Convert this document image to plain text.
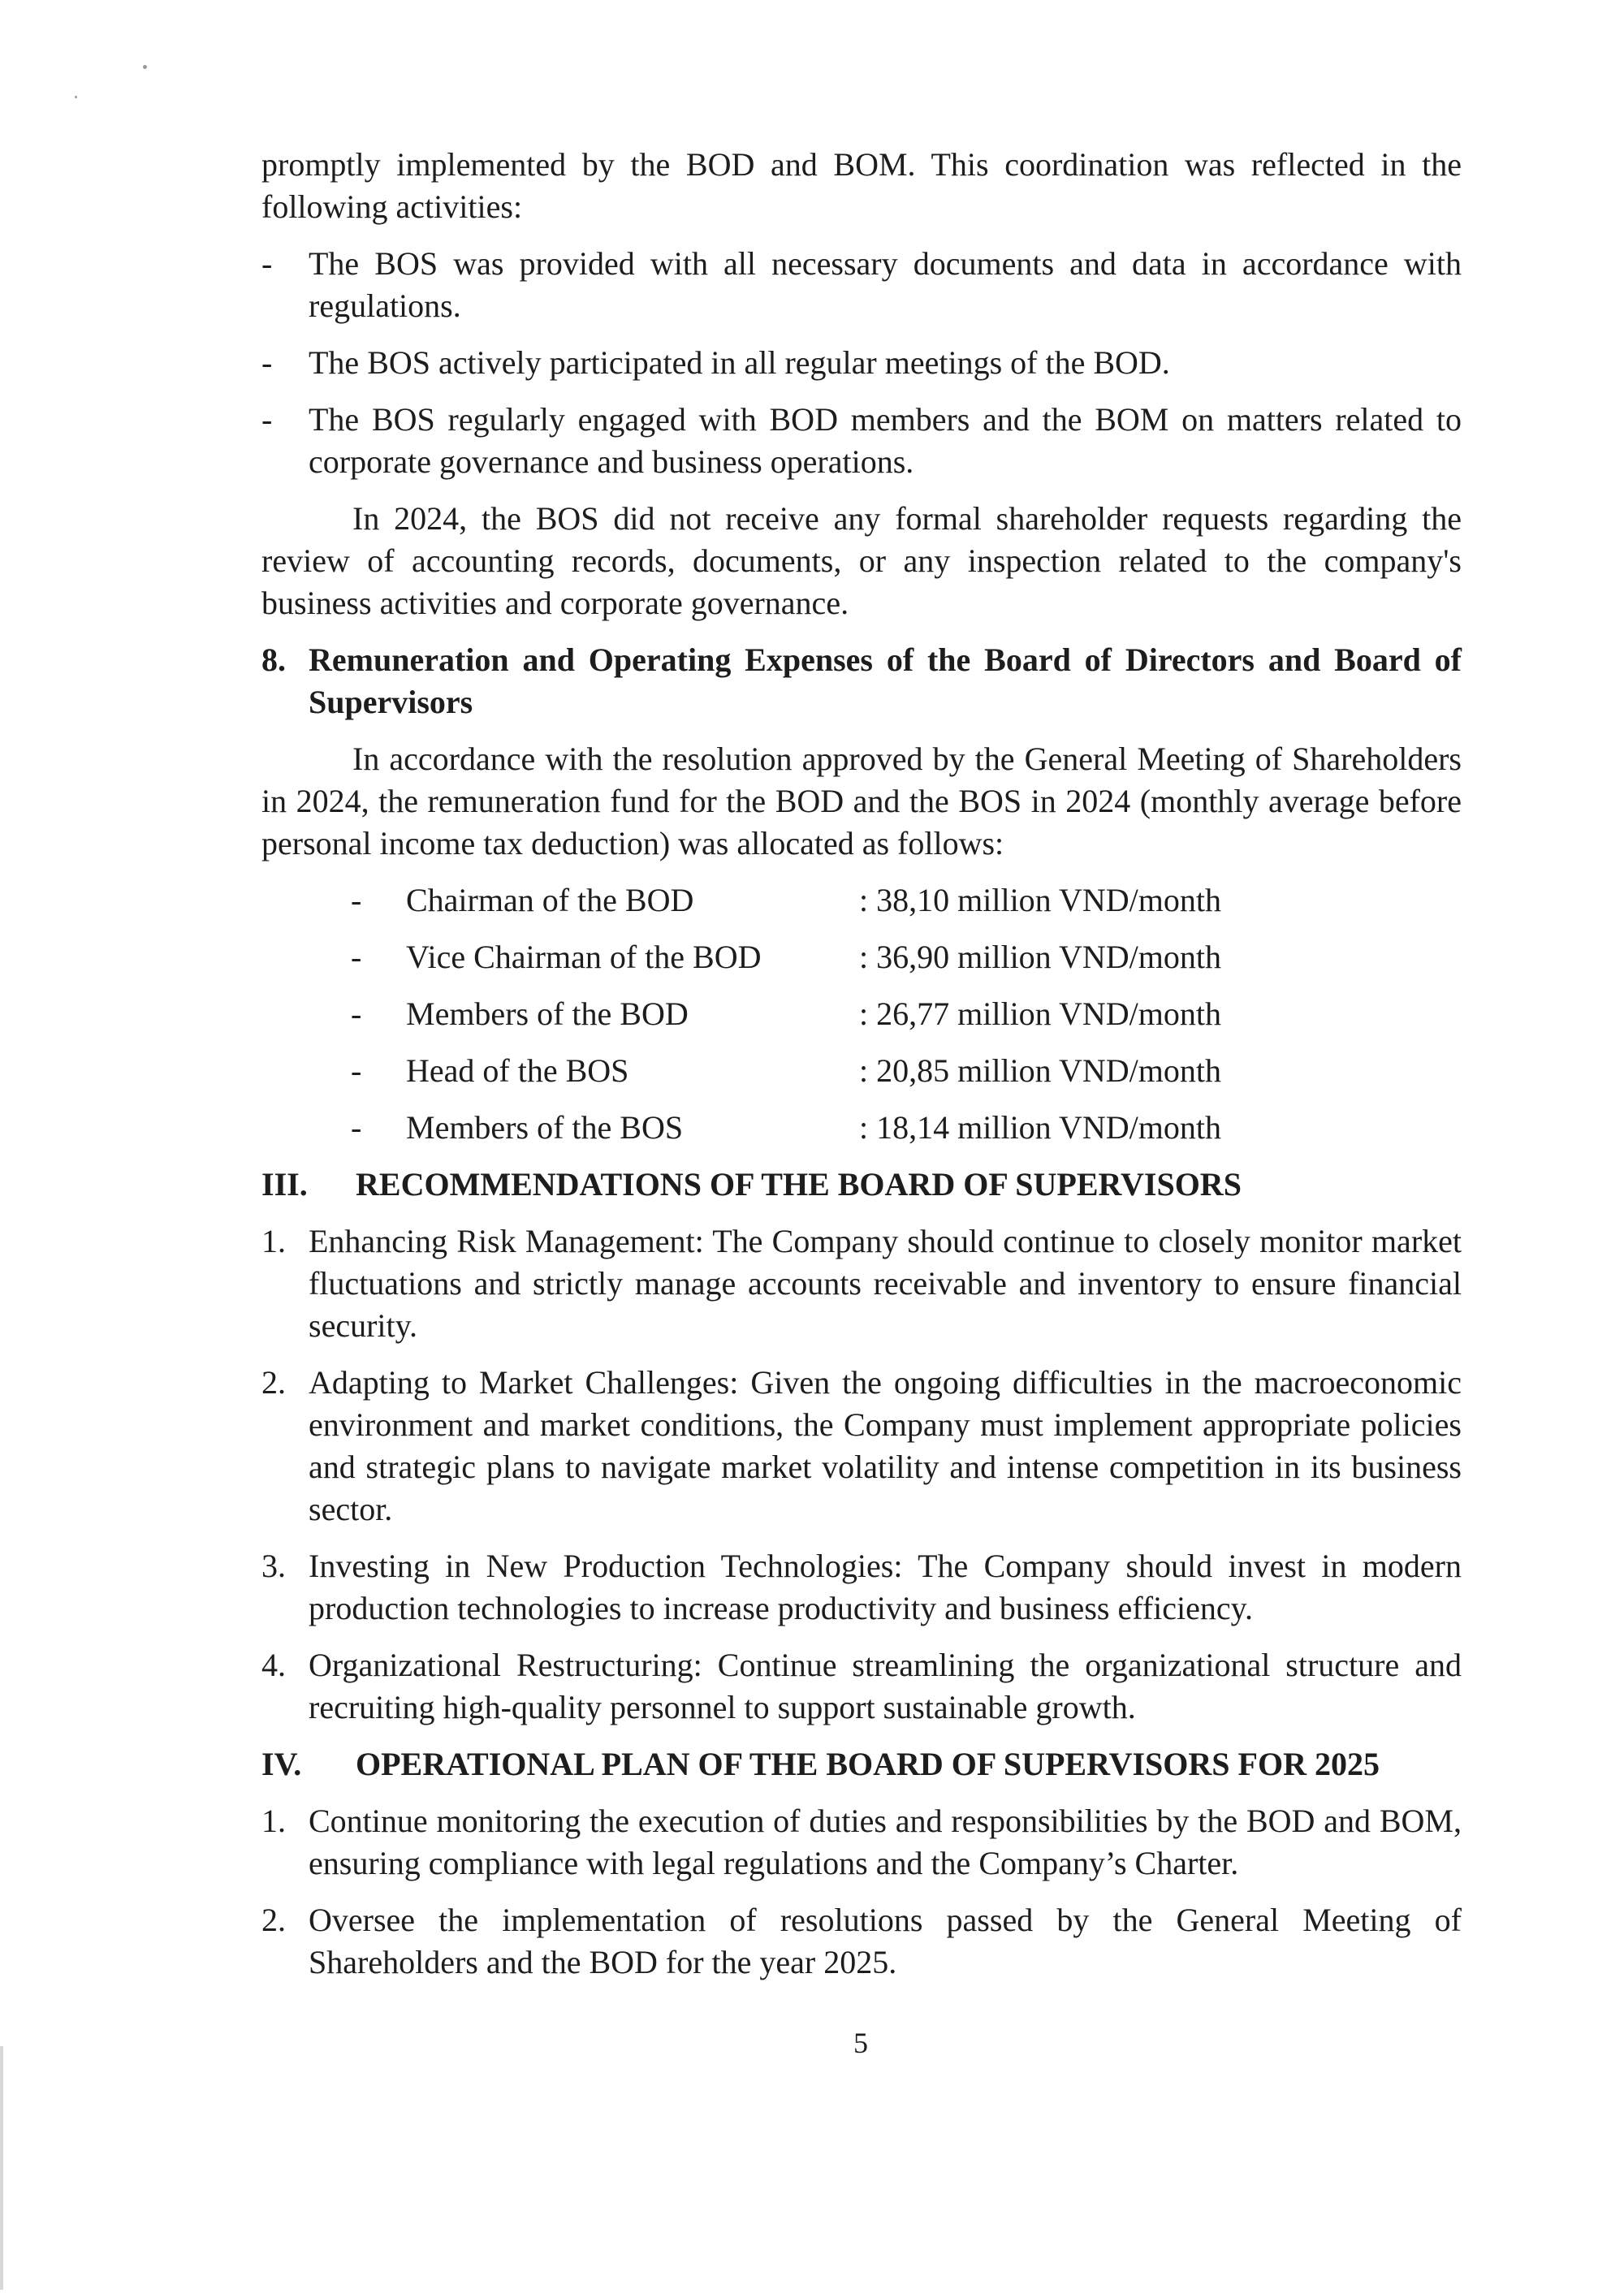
promptly implemented by the BOD and BOM. This coordination was reflected in the following activities:

- The BOS was provided with all necessary documents and data in accordance with regulations.
- The BOS actively participated in all regular meetings of the BOD.
- The BOS regularly engaged with BOD members and the BOM on matters related to corporate governance and business operations.

In 2024, the BOS did not receive any formal shareholder requests regarding the review of accounting records, documents, or any inspection related to the company's business activities and corporate governance.

8. Remuneration and Operating Expenses of the Board of Directors and Board of Supervisors

In accordance with the resolution approved by the General Meeting of Shareholders in 2024, the remuneration fund for the BOD and the BOS in 2024 (monthly average before personal income tax deduction) was allocated as follows:

- Chairman of the BOD	: 38,10 million VND/month
- Vice Chairman of the BOD	: 36,90 million VND/month
- Members of the BOD	: 26,77 million VND/month
- Head of the BOS	: 20,85 million VND/month
- Members of the BOS	: 18,14 million VND/month
III. RECOMMENDATIONS OF THE BOARD OF SUPERVISORS
1. Enhancing Risk Management: The Company should continue to closely monitor market fluctuations and strictly manage accounts receivable and inventory to ensure financial security.
2. Adapting to Market Challenges: Given the ongoing difficulties in the macroeconomic environment and market conditions, the Company must implement appropriate policies and strategic plans to navigate market volatility and intense competition in its business sector.
3. Investing in New Production Technologies: The Company should invest in modern production technologies to increase productivity and business efficiency.
4. Organizational Restructuring: Continue streamlining the organizational structure and recruiting high-quality personnel to support sustainable growth.
IV. OPERATIONAL PLAN OF THE BOARD OF SUPERVISORS FOR 2025
1. Continue monitoring the execution of duties and responsibilities by the BOD and BOM, ensuring compliance with legal regulations and the Company’s Charter.
2. Oversee the implementation of resolutions passed by the General Meeting of Shareholders and the BOD for the year 2025.
5
